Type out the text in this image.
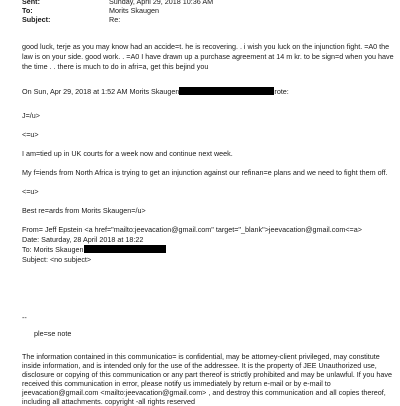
Sent:	Sunday, April 29, 2018 10:36 AM
To:	Morits Skaugen
Subject:	Re:
good luck, terje as you may know had an accide=t. he is recovering. . i wish you luck on the injunction fight. =A0 the
law is on your side. good work. . =A0 I have drawn up a purchase agreement at 14 m kr. to be sign=d when you have
the time . . there is much to do in afri=a, get this bejind you
On Sun, Apr 29, 2018 at 1:52 AM Morits Skaugen	rote:
J=/u>
<=u>
I am=tied up in UK courts for a week now and continue next week.
My f=iends from North Africa is trying to get an injunction against our refinan=e plans and we need to fight them off.
<=u>
Best re=ards from Morits Skaugen=/u>
From= Jeff Epstein <a href="mailto:jeevacation@gmail.com" target="_blank">jeevacation@gmail.com<=a>
Date: Saturday, 28 April 2018 at 18:22
To: Morits Skaugen
Subject: <no subject>
--
ple=se note
The information contained in this communicatio= is confidential, may be attorney-client privileged, may constitute
inside information, and is intended only for the use of the addressee. It is the property of JEE Unauthorized use,
disclosure or copying of this communication or any part thereof is strictly prohibited and may be unlawful. If you have
received this communication in error, please notify us immediately by return e-mail or by e-mail to
jeevacation@gmail.com <mailto:jeevacation@gmail.com> , and destroy this communication and all copies thereof,
including all attachments. copyright -all rights reserved
